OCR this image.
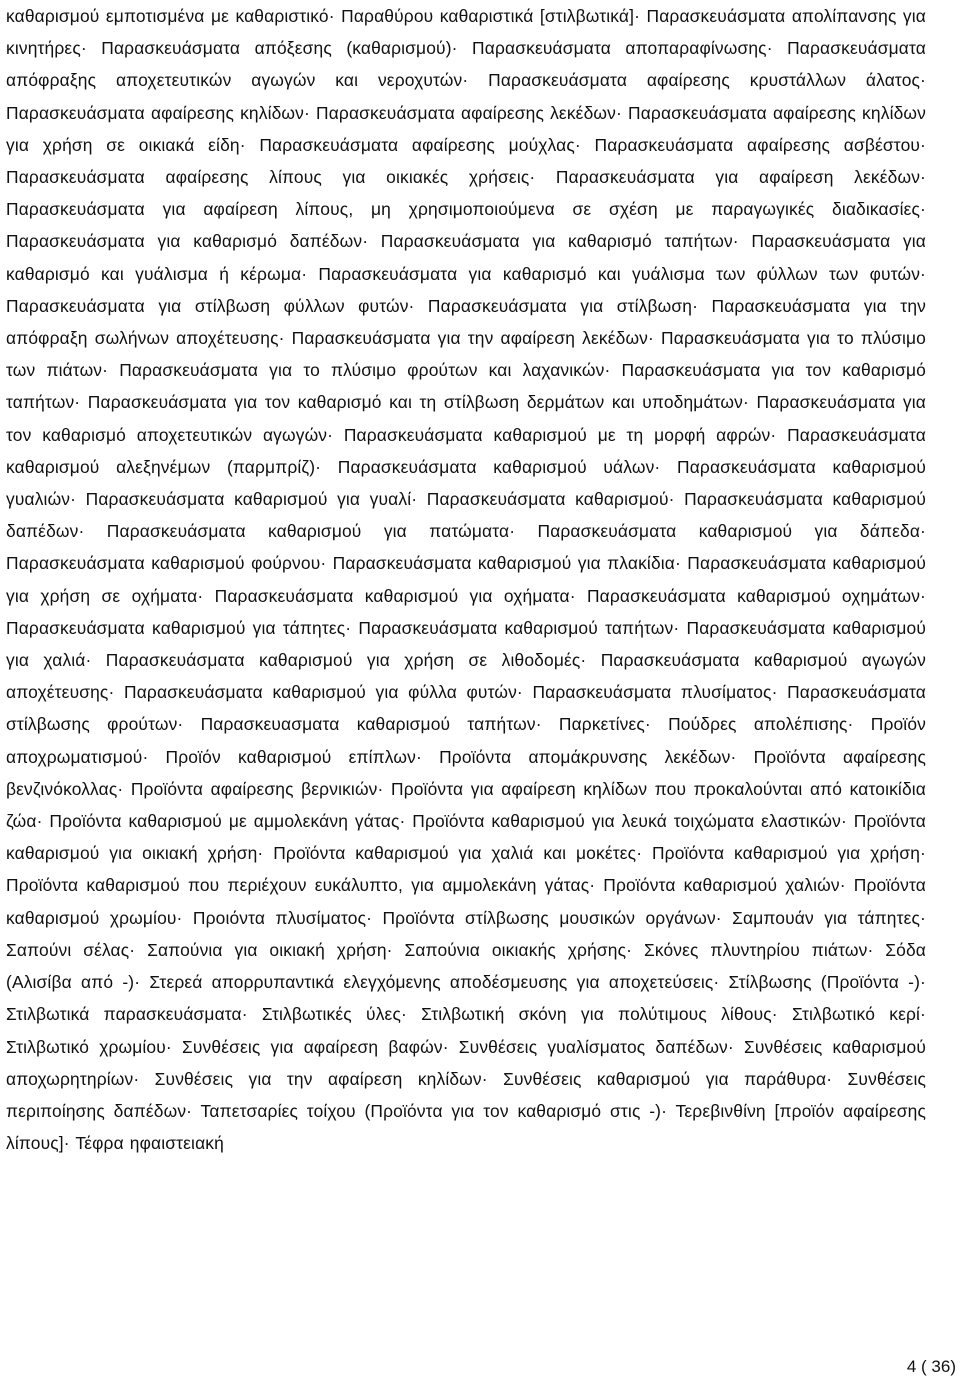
καθαρισμού εμποτισμένα με καθαριστικό· Παραθύρου καθαριστικά [στιλβωτικά]· Παρασκευάσματα απολίπανσης για κινητήρες· Παρασκευάσματα απόξεσης (καθαρισμού)· Παρασκευάσματα αποπαραφίνωσης· Παρασκευάσματα απόφραξης αποχετευτικών αγωγών και νεροχυτών· Παρασκευάσματα αφαίρεσης κρυστάλλων άλατος· Παρασκευάσματα αφαίρεσης κηλίδων· Παρασκευάσματα αφαίρεσης λεκέδων· Παρασκευάσματα αφαίρεσης κηλίδων για χρήση σε οικιακά είδη· Παρασκευάσματα αφαίρεσης μούχλας· Παρασκευάσματα αφαίρεσης ασβέστου· Παρασκευάσματα αφαίρεσης λίπους για οικιακές χρήσεις· Παρασκευάσματα για αφαίρεση λεκέδων· Παρασκευάσματα για αφαίρεση λίπους, μη χρησιμοποιούμενα σε σχέση με παραγωγικές διαδικασίες· Παρασκευάσματα για καθαρισμό δαπέδων· Παρασκευάσματα για καθαρισμό ταπήτων· Παρασκευάσματα για καθαρισμό και γυάλισμα ή κέρωμα· Παρασκευάσματα για καθαρισμό και γυάλισμα των φύλλων των φυτών· Παρασκευάσματα για στίλβωση φύλλων φυτών· Παρασκευάσματα για στίλβωση· Παρασκευάσματα για την απόφραξη σωλήνων αποχέτευσης· Παρασκευάσματα για την αφαίρεση λεκέδων· Παρασκευάσματα για το πλύσιμο των πιάτων· Παρασκευάσματα για το πλύσιμο φρούτων και λαχανικών· Παρασκευάσματα για τον καθαρισμό ταπήτων· Παρασκευάσματα για τον καθαρισμό και τη στίλβωση δερμάτων και υποδημάτων· Παρασκευάσματα για τον καθαρισμό αποχετευτικών αγωγών· Παρασκευάσματα καθαρισμού με τη μορφή αφρών· Παρασκευάσματα καθαρισμού αλεξηνέμων (παρμπρίζ)· Παρασκευάσματα καθαρισμού υάλων· Παρασκευάσματα καθαρισμού γυαλιών· Παρασκευάσματα καθαρισμού για γυαλί· Παρασκευάσματα καθαρισμού· Παρασκευάσματα καθαρισμού δαπέδων· Παρασκευάσματα καθαρισμού για πατώματα· Παρασκευάσματα καθαρισμού για δάπεδα· Παρασκευάσματα καθαρισμού φούρνου· Παρασκευάσματα καθαρισμού για πλακίδια· Παρασκευάσματα καθαρισμού για χρήση σε οχήματα· Παρασκευάσματα καθαρισμού για οχήματα· Παρασκευάσματα καθαρισμού οχημάτων· Παρασκευάσματα καθαρισμού για τάπητες· Παρασκευάσματα καθαρισμού ταπήτων· Παρασκευάσματα καθαρισμού για χαλιά· Παρασκευάσματα καθαρισμού για χρήση σε λιθοδομές· Παρασκευάσματα καθαρισμού αγωγών αποχέτευσης· Παρασκευάσματα καθαρισμού για φύλλα φυτών· Παρασκευάσματα πλυσίματος· Παρασκευάσματα στίλβωσης φρούτων· Παρασκευασματα καθαρισμού ταπήτων· Παρκετίνες· Πούδρες απολέπισης· Προϊόν αποχρωματισμού· Προϊόν καθαρισμού επίπλων· Προϊόντα απομάκρυνσης λεκέδων· Προϊόντα αφαίρεσης βενζινόκολλας· Προϊόντα αφαίρεσης βερνικιών· Προϊόντα για αφαίρεση κηλίδων που προκαλούνται από κατοικίδια ζώα· Προϊόντα καθαρισμού με αμμολεκάνη γάτας· Προϊόντα καθαρισμού για λευκά τοιχώματα ελαστικών· Προϊόντα καθαρισμού για οικιακή χρήση· Προϊόντα καθαρισμού για χαλιά και μοκέτες· Προϊόντα καθαρισμού για χρήση· Προϊόντα καθαρισμού που περιέχουν ευκάλυπτο, για αμμολεκάνη γάτας· Προϊόντα καθαρισμού χαλιών· Προϊόντα καθαρισμού χρωμίου· Προιόντα πλυσίματος· Προϊόντα στίλβωσης μουσικών οργάνων· Σαμπουάν για τάπητες· Σαπούνι σέλας· Σαπούνια για οικιακή χρήση· Σαπούνια οικιακής χρήσης· Σκόνες πλυντηρίου πιάτων· Σόδα (Αλισίβα από -)· Στερεά απορρυπαντικά ελεγχόμενης αποδέσμευσης για αποχετεύσεις· Στίλβωσης (Προϊόντα -)· Στιλβωτικά παρασκευάσματα· Στιλβωτικές ύλες· Στιλβωτική σκόνη για πολύτιμους λίθους· Στιλβωτικό κερί· Στιλβωτικό χρωμίου· Συνθέσεις για αφαίρεση βαφών· Συνθέσεις γυαλίσματος δαπέδων· Συνθέσεις καθαρισμού αποχωρητηρίων· Συνθέσεις για την αφαίρεση κηλίδων· Συνθέσεις καθαρισμού για παράθυρα· Συνθέσεις περιποίησης δαπέδων· Ταπετσαρίες τοίχου (Προϊόντα για τον καθαρισμό στις -)· Τερεβινθίνη [προϊόν αφαίρεσης λίπους]· Τέφρα ηφαιστειακή

4 ( 36)
